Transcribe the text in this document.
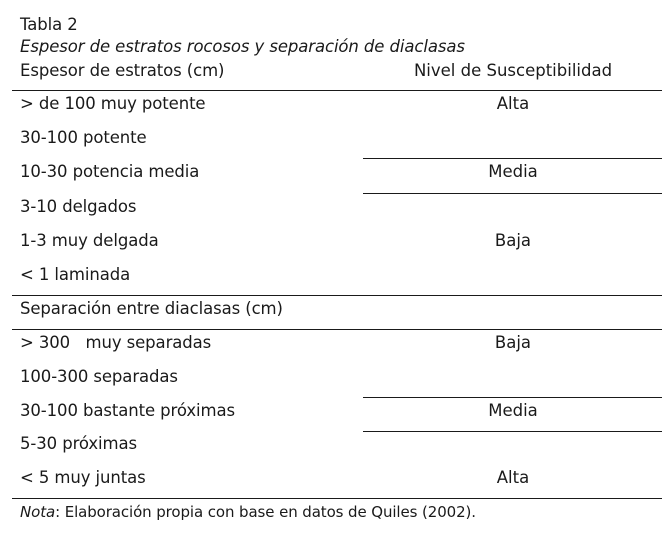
Tabla 2
Espesor de estratos rocosos y separación de diaclasas
Espesor de estratos (cm)	Nivel de Susceptibilidad
> de 100 muy potente
30-100 potente
10-30 potencia media
3-10 delgados
1-3 muy delgada
< 1 laminada
Alta
Media
Baja
Separación entre diaclasas (cm)
> 300   muy separadas
100-300 separadas
30-100 bastante próximas
5-30 próximas
< 5 muy juntas
Baja
Media
Alta
Nota: Elaboración propia con base en datos de Quiles (2002).
